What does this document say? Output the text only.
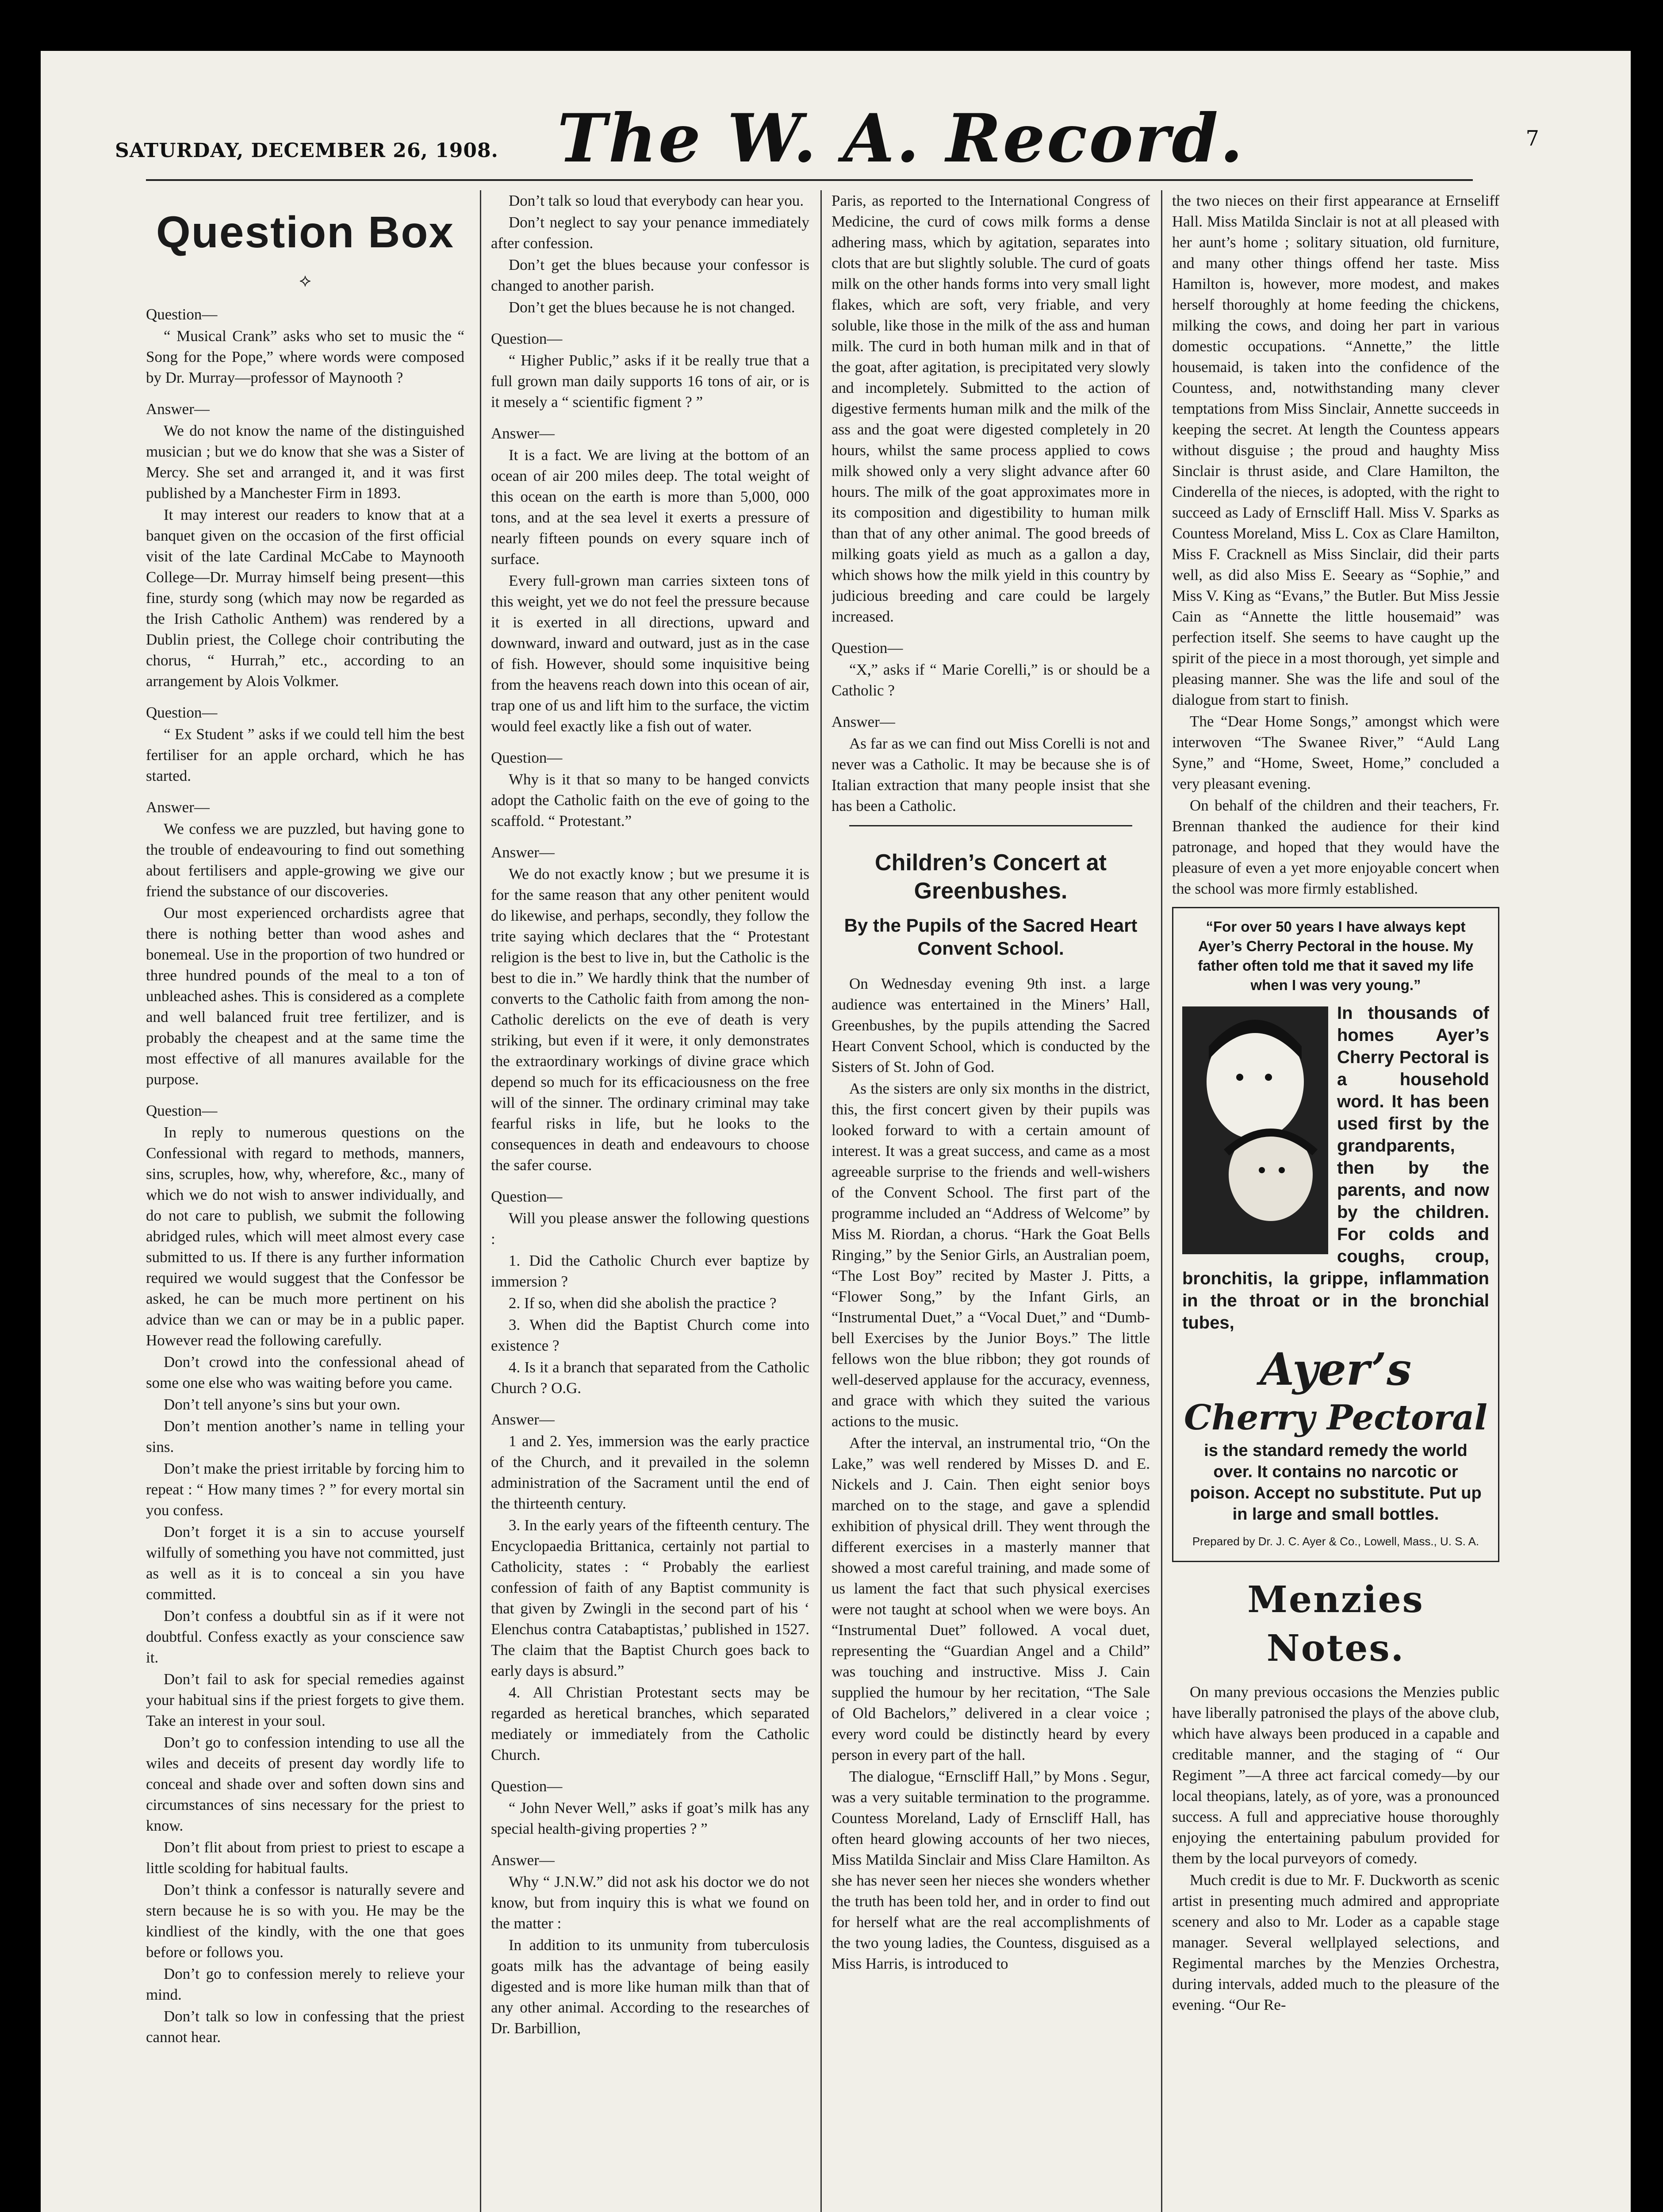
SATURDAY, DECEMBER 26, 1908. The W. A. Record.	7
Question Box
⟡

Question—

“ Musical Crank” asks who set to music the “ Song for the Pope,” where words were composed by Dr. Murray—professor of Maynooth ?

Answer—

We do not know the name of the distinguished musician ; but we do know that she was a Sister of Mercy. She set and arranged it, and it was first published by a Manchester Firm in 1893.

It may interest our readers to know that at a banquet given on the occasion of the first official visit of the late Cardinal McCabe to Maynooth College—Dr. Murray himself being present—this fine, sturdy song (which may now be regarded as the Irish Catholic Anthem) was rendered by a Dublin priest, the College choir contributing the chorus, “ Hurrah,” etc., according to an arrangement by Alois Volkmer.

Question—

“ Ex Student ” asks if we could tell him the best fertiliser for an apple orchard, which he has started.

Answer—

We confess we are puzzled, but having gone to the trouble of endeavouring to find out something about fertilisers and apple-growing we give our friend the substance of our discoveries.

Our most experienced orchardists agree that there is nothing better than wood ashes and bonemeal. Use in the proportion of two hundred or three hundred pounds of the meal to a ton of unbleached ashes. This is considered as a complete and well balanced fruit tree fertilizer, and is probably the cheapest and at the same time the most effective of all manures available for the purpose.

Question—

In reply to numerous questions on the Confessional with regard to methods, manners, sins, scruples, how, why, wherefore, &c., many of which we do not wish to answer individually, and do not care to publish, we submit the following abridged rules, which will meet almost every case submitted to us. If there is any further information required we would suggest that the Confessor be asked, he can be much more pertinent on his advice than we can or may be in a public paper. However read the following carefully.

Don’t crowd into the confessional ahead of some one else who was waiting before you came.

Don’t tell anyone’s sins but your own.

Don’t mention another’s name in telling your sins.

Don’t make the priest irritable by forcing him to repeat : “ How many times ? ” for every mortal sin you confess.

Don’t forget it is a sin to accuse yourself wilfully of something you have not committed, just as well as it is to conceal a sin you have committed.

Don’t confess a doubtful sin as if it were not doubtful. Confess exactly as your conscience saw it.

Don’t fail to ask for special remedies against your habitual sins if the priest forgets to give them. Take an interest in your soul.

Don’t go to confession intending to use all the wiles and deceits of present day wordly life to conceal and shade over and soften down sins and circumstances of sins necessary for the priest to know.

Don’t flit about from priest to priest to escape a little scolding for habitual faults.

Don’t think a confessor is naturally severe and stern because he is so with you. He may be the kindliest of the kindly, with the one that goes before or follows you.

Don’t go to confession merely to relieve your mind.

Don’t talk so low in confessing that the priest cannot hear.

Don’t talk so loud that everybody can hear you.

Don’t neglect to say your penance immediately after confession.

Don’t get the blues because your confessor is changed to another parish.

Don’t get the blues because he is not changed.

Question—

“ Higher Public,” asks if it be really true that a full grown man daily supports 16 tons of air, or is it mesely a “ scientific figment ? ”

Answer—

It is a fact. We are living at the bottom of an ocean of air 200 miles deep. The total weight of this ocean on the earth is more than 5,000, 000 tons, and at the sea level it exerts a pressure of nearly fifteen pounds on every square inch of surface.

Every full-grown man carries sixteen tons of this weight, yet we do not feel the pressure because it is exerted in all directions, upward and downward, inward and outward, just as in the case of fish. However, should some inquisitive being from the heavens reach down into this ocean of air, trap one of us and lift him to the surface, the victim would feel exactly like a fish out of water.

Question—

Why is it that so many to be hanged convicts adopt the Catholic faith on the eve of going to the scaffold. “ Protestant.”

Answer—

We do not exactly know ; but we presume it is for the same reason that any other penitent would do likewise, and perhaps, secondly, they follow the trite saying which declares that the “ Protestant religion is the best to live in, but the Catholic is the best to die in.” We hardly think that the number of converts to the Catholic faith from among the non-Catholic derelicts on the eve of death is very striking, but even if it were, it only demonstrates the extraordinary workings of divine grace which depend so much for its efficaciousness on the free will of the sinner. The ordinary criminal may take fearful risks in life, but he looks to the consequences in death and endeavours to choose the safer course.

Question—

Will you please answer the following questions :

1. Did the Catholic Church ever baptize by immersion ?

2. If so, when did she abolish the practice ?

3. When did the Baptist Church come into existence ?

4. Is it a branch that separated from the Catholic Church ? O.G.

Answer—

1 and 2. Yes, immersion was the early practice of the Church, and it prevailed in the solemn administration of the Sacrament until the end of the thirteenth century.

3. In the early years of the fifteenth century. The Encyclopaedia Brittanica, certainly not partial to Catholicity, states : “ Probably the earliest confession of faith of any Baptist community is that given by Zwingli in the second part of his ‘ Elenchus contra Catabaptistas,’ published in 1527. The claim that the Baptist Church goes back to early days is absurd.”

4. All Christian Protestant sects may be regarded as heretical branches, which separated mediately or immediately from the Catholic Church.

Question—

“ John Never Well,” asks if goat’s milk has any special health-giving properties ? ”

Answer—

Why “ J.N.W.” did not ask his doctor we do not know, but from inquiry this is what we found on the matter :

In addition to its unmunity from tuberculosis goats milk has the advantage of being easily digested and is more like human milk than that of any other animal. According to the researches of Dr. Barbillion,

Paris, as reported to the International Congress of Medicine, the curd of cows milk forms a dense adhering mass, which by agitation, separates into clots that are but slightly soluble. The curd of goats milk on the other hands forms into very small light flakes, which are soft, very friable, and very soluble, like those in the milk of the ass and human milk. The curd in both human milk and in that of the goat, after agitation, is precipitated very slowly and incompletely. Submitted to the action of digestive ferments human milk and the milk of the ass and the goat were digested completely in 20 hours, whilst the same process applied to cows milk showed only a very slight advance after 60 hours. The milk of the goat approximates more in its composition and digestibility to human milk than that of any other animal. The good breeds of milking goats yield as much as a gallon a day, which shows how the milk yield in this country by judicious breeding and care could be largely increased.

Question—

“X,” asks if “ Marie Corelli,” is or should be a Catholic ?

Answer—

As far as we can find out Miss Corelli is not and never was a Catholic. It may be because she is of Italian extraction that many people insist that she has been a Catholic.

Children’s Concert at Greenbushes.
By the Pupils of the Sacred Heart Convent School.

On Wednesday evening 9th inst. a large audience was entertained in the Miners’ Hall, Greenbushes, by the pupils attending the Sacred Heart Convent School, which is conducted by the Sisters of St. John of God.

As the sisters are only six months in the district, this, the first concert given by their pupils was looked forward to with a certain amount of interest. It was a great success, and came as a most agreeable surprise to the friends and well-wishers of the Convent School. The first part of the programme included an “Address of Welcome” by Miss M. Riordan, a chorus. “Hark the Goat Bells Ringing,” by the Senior Girls, an Australian poem, “The Lost Boy” recited by Master J. Pitts, a “Flower Song,” by the Infant Girls, an “Instrumental Duet,” a “Vocal Duet,” and “Dumb-bell Exercises by the Junior Boys.” The little fellows won the blue ribbon; they got rounds of well-deserved applause for the accuracy, evenness, and grace with which they suited the various actions to the music.

After the interval, an instrumental trio, “On the Lake,” was well rendered by Misses D. and E. Nickels and J. Cain. Then eight senior boys marched on to the stage, and gave a splendid exhibition of physical drill. They went through the different exercises in a masterly manner that showed a most careful training, and made some of us lament the fact that such physical exercises were not taught at school when we were boys. An “Instrumental Duet” followed. A vocal duet, representing the “Guardian Angel and a Child” was touching and instructive. Miss J. Cain supplied the humour by her recitation, “The Sale of Old Bachelors,” delivered in a clear voice ; every word could be distinctly heard by every person in every part of the hall.

The dialogue, “Ernscliff Hall,” by Mons . Segur, was a very suitable termination to the programme. Countess Moreland, Lady of Ernscliff Hall, has often heard glowing accounts of her two nieces, Miss Matilda Sinclair and Miss Clare Hamilton. As she has never seen her nieces she wonders whether the truth has been told her, and in order to find out for herself what are the real accomplishments of the two young ladies, the Countess, disguised as a Miss Harris, is introduced to

the two nieces on their first appearance at Ernseliff Hall. Miss Matilda Sinclair is not at all pleased with her aunt’s home ; solitary situation, old furniture, and many other things offend her taste. Miss Hamilton is, however, more modest, and makes herself thoroughly at home feeding the chickens, milking the cows, and doing her part in various domestic occupations. “Annette,” the little housemaid, is taken into the confidence of the Countess, and, notwithstanding many clever temptations from Miss Sinclair, Annette succeeds in keeping the secret. At length the Countess appears without disguise ; the proud and haughty Miss Sinclair is thrust aside, and Clare Hamilton, the Cinderella of the nieces, is adopted, with the right to succeed as Lady of Ernscliff Hall. Miss V. Sparks as Countess Moreland, Miss L. Cox as Clare Hamilton, Miss F. Cracknell as Miss Sinclair, did their parts well, as did also Miss E. Seeary as “Sophie,” and Miss V. King as “Evans,” the Butler. But Miss Jessie Cain as “Annette the little housemaid” was perfection itself. She seems to have caught up the spirit of the piece in a most thorough, yet simple and pleasing manner. She was the life and soul of the dialogue from start to finish.

The “Dear Home Songs,” amongst which were interwoven “The Swanee River,” “Auld Lang Syne,” and “Home, Sweet, Home,” concluded a very pleasant evening.

On behalf of the children and their teachers, Fr. Brennan thanked the audience for their kind patronage, and hoped that they would have the pleasure of even a yet more enjoyable concert when the school was more firmly established.

“For over 50 years I have always kept Ayer’s Cherry Pectoral in the house. My father often told me that it saved my life when I was very young.”
In thousands of homes Ayer’s Cherry Pectoral is a household word. It has been used first by the grandparents, then by the parents, and now by the children. For colds and coughs, croup, bronchitis, la grippe, inflammation in the throat or in the bronchial tubes,
Ayer’s
Cherry Pectoral
is the standard remedy the world over. It contains no narcotic or poison. Accept no substitute. Put up in large and small bottles.
Prepared by Dr. J. C. Ayer & Co., Lowell, Mass., U. S. A.
Menzies Notes.

On many previous occasions the Menzies public have liberally patronised the plays of the above club, which have always been produced in a capable and creditable manner, and the staging of “ Our Regiment ”—A three act farcical comedy—by our local theopians, lately, as of yore, was a pronounced success. A full and appreciative house thoroughly enjoying the entertaining pabulum provided for them by the local purveyors of comedy.

Much credit is due to Mr. F. Duckworth as scenic artist in presenting much admired and appropriate scenery and also to Mr. Loder as a capable stage manager. Several wellplayed selections, and Regimental marches by the Menzies Orchestra, during intervals, added much to the pleasure of the evening. “Our Re-
